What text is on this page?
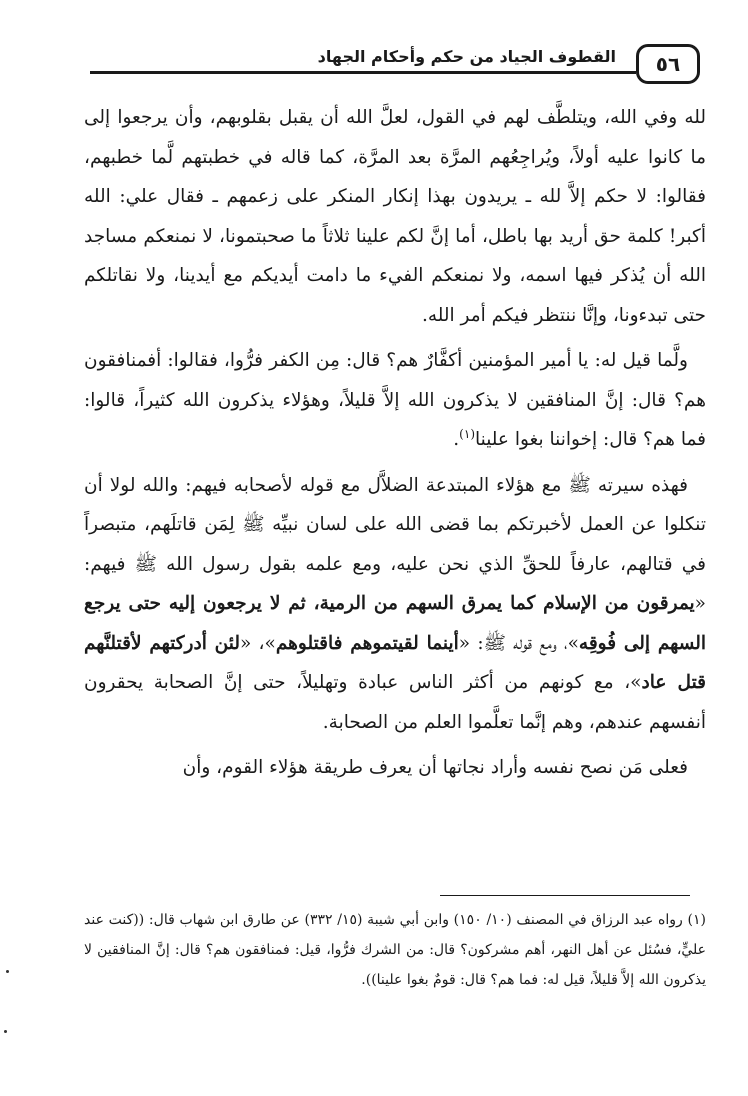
القطوف الجياد من حكم وأحكام الجهاد	٥٦

لله وفي الله، ويتلطَّف لهم في القول، لعلَّ الله أن يقبل بقلوبهم، وأن يرجعوا إلى ما كانوا عليه أولاً، ويُراجِعُهم المرَّة بعد المرَّة، كما قاله في خطبتهم لَّما خطبهم، فقالوا: لا حكم إلاَّ لله ـ يريدون بهذا إنكار المنكر على زعمهم ـ فقال علي: الله أكبر! كلمة حق أريد بها باطل، أما إنَّ لكم علينا ثلاثاً ما صحبتمونا، لا نمنعكم مساجد الله أن يُذكر فيها اسمه، ولا نمنعكم الفيء ما دامت أيديكم مع أيدينا، ولا نقاتلكم حتى تبدءونا، وإنَّا ننتظر فيكم أمر الله.

ولَّما قيل له: يا أمير المؤمنين أكفَّارٌ هم؟ قال: مِن الكفر فرُّوا، فقالوا: أفمنافقون هم؟ قال: إنَّ المنافقين لا يذكرون الله إلاَّ قليلاً، وهؤلاء يذكرون الله كثيراً، قالوا: فما هم؟ قال: إخواننا بغوا علينا$^{(١)}$.

فهذه سيرته ﷺ مع هؤلاء المبتدعة الضلاَّل مع قوله لأصحابه فيهم: والله لولا أن تنكلوا عن العمل لأخبرتكم بما قضى الله على لسان نبيِّه ﷺ لِمَن قاتلَهم، متبصراً في قتالهم، عارفاً للحقِّ الذي نحن عليه، ومع علمه بقول رسول الله ﷺ فيهم: «يمرقون من الإسلام كما يمرق السهم من الرمية، ثم لا يرجعون إليه حتى يرجع السهم إلى فُوقِه»، ومع قوله ﷺ: «أينما لقيتموهم فاقتلوهم»، «لئن أدركتهم لأقتلنَّهم قتل عاد»، مع كونهم من أكثر الناس عبادة وتهليلاً، حتى إنَّ الصحابة يحقرون أنفسهم عندهم، وهم إنَّما تعلَّموا العلم من الصحابة.

فعلى مَن نصح نفسه وأراد نجاتها أن يعرف طريقة هؤلاء القوم، وأن

(١) رواه عبد الرزاق في المصنف (١٠/ ١٥٠) وابن أبي شيبة (١٥/ ٣٣٢) عن طارق ابن شهاب قال: ((كنت عند عليٍّ، فسُئل عن أهل النهر، أهم مشركون؟ قال: من الشرك فرُّوا، قيل: فمنافقون هم؟ قال: إنَّ المنافقين لا يذكرون الله إلاَّ قليلاً، قيل له: فما هم؟ قال: قومٌ بغوا علينا)).
